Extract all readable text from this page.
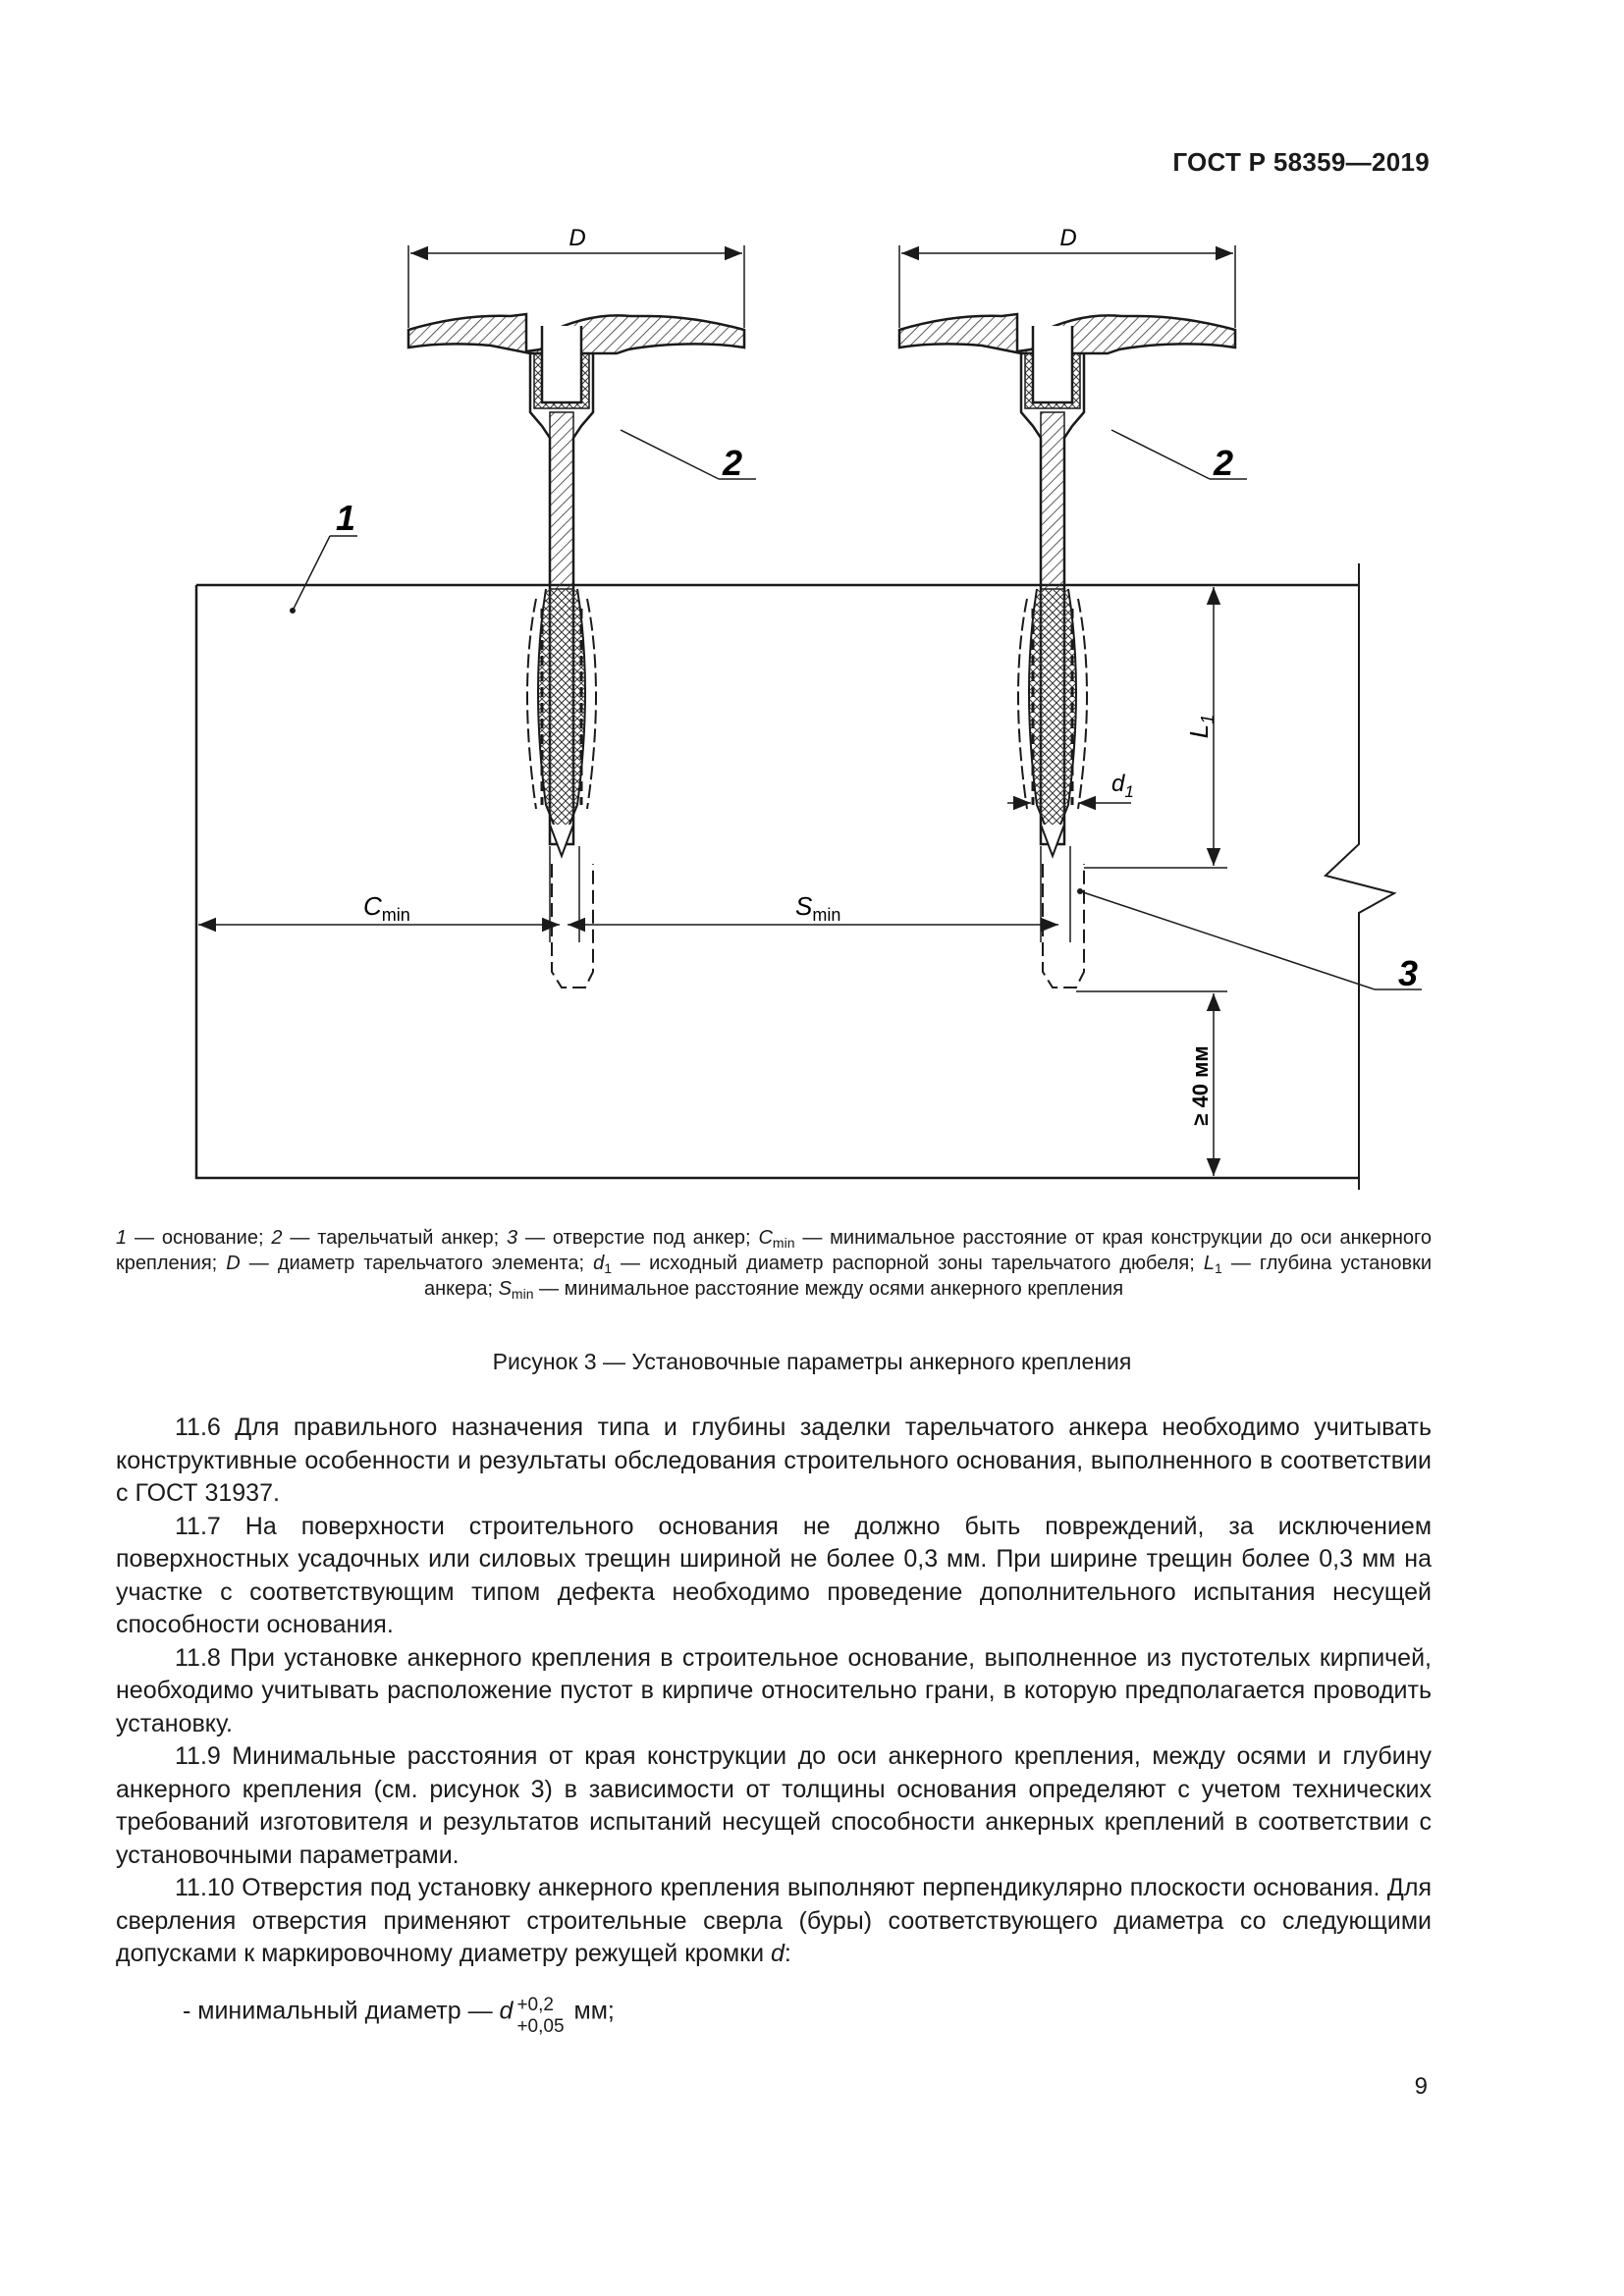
ГОСТ Р 58359—2019
D	D
2	2
1
3
$L_1$
$d_1$
$C_{min}$	$S_{min}$
≥ 40 мм
1 — основание; 2 — тарельчатый анкер; 3 — отверстие под анкер; $C_{min}$ — минимальное расстояние от края конструкции до оси анкерного крепления; D — диаметр тарельчатого элемента; $d_1$ — исходный диаметр распорной зоны тарельчатого дюбеля; $L_1$ — глубина установки анкера; $S_{min}$ — минимальное расстояние между осями анкерного крепления
Рисунок 3 — Установочные параметры анкерного крепления

11.6 Для правильного назначения типа и глубины заделки тарельчатого анкера необходимо учитывать конструктивные особенности и результаты обследования строительного основания, выполненного в соответствии с ГОСТ 31937.

11.7 На поверхности строительного основания не должно быть повреждений, за исключением поверхностных усадочных или силовых трещин шириной не более 0,3 мм. При ширине трещин более 0,3 мм на участке с соответствующим типом дефекта необходимо проведение дополнительного испытания несущей способности основания.

11.8 При установке анкерного крепления в строительное основание, выполненное из пустотелых кирпичей, необходимо учитывать расположение пустот в кирпиче относительно грани, в которую предполагается проводить установку.

11.9 Минимальные расстояния от края конструкции до оси анкерного крепления, между осями и глубину анкерного крепления (см. рисунок 3) в зависимости от толщины основания определяют с учетом технических требований изготовителя и результатов испытаний несущей способности анкерных креплений в соответствии с установочными параметрами.

11.10 Отверстия под установку анкерного крепления выполняют перпендикулярно плоскости основания. Для сверления отверстия применяют строительные сверла (буры) соответствующего диаметра со следующими допусками к маркировочному диаметру режущей кромки d:

- минимальный диаметр — d +0,2
+0,05
мм;

9
